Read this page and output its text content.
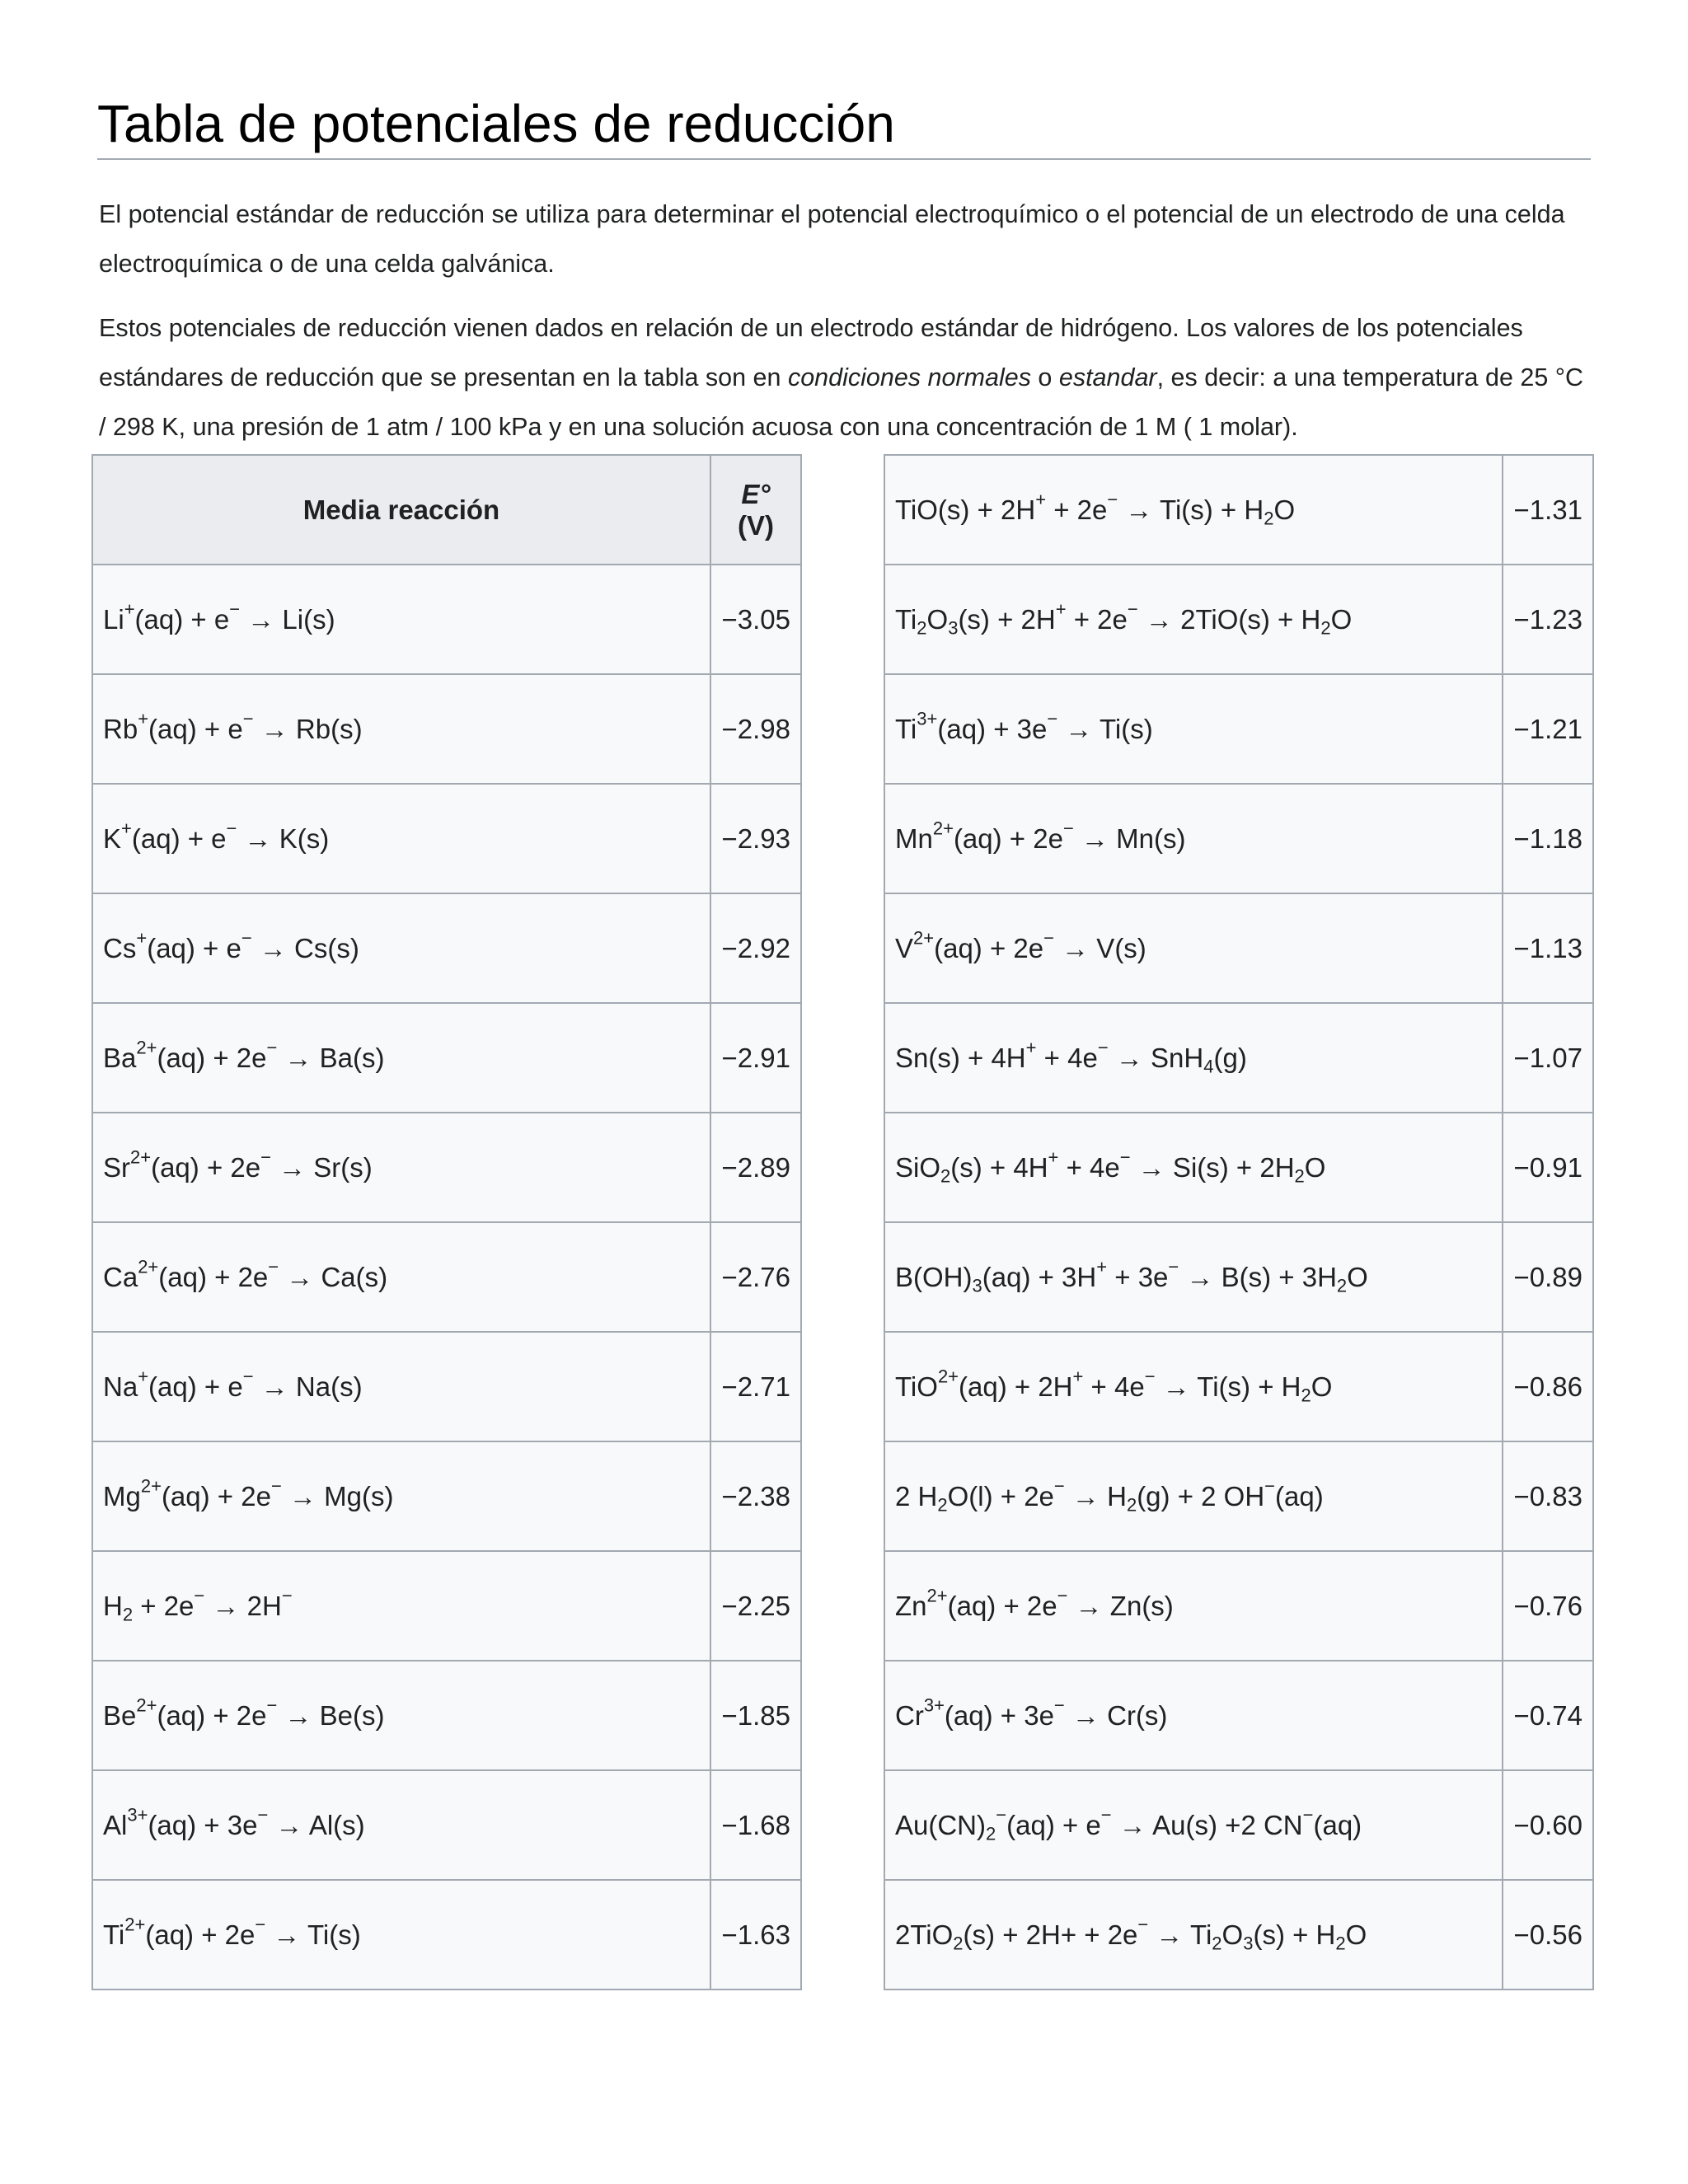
Tabla de potenciales de reducción

El potencial estándar de reducción se utiliza para determinar el potencial electroquímico o el potencial de un electrodo de una celda electroquímica o de una celda galvánica.

Estos potenciales de reducción vienen dados en relación de un electrodo estándar de hidrógeno. Los valores de los potenciales estándares de reducción que se presentan en la tabla son en condiciones normales o estandar, es decir: a una temperatura de 25 °C / 298 K, una presión de 1 atm / 100 kPa y en una solución acuosa con una concentración de 1 M ( 1 molar).

Media reacción	E° (V)
Li+(aq) + e− → Li(s)	−3.05
Rb+(aq) + e− → Rb(s)	−2.98
K+(aq) + e− → K(s)	−2.93
Cs+(aq) + e− → Cs(s)	−2.92
$Ba^{2+}(aq) + 2e^- \to Ba(s)$	−2.91
$Sr^{2+}(aq) + 2e^- \to Sr(s)$	−2.89
$Ca^{2+}(aq) + 2e^- \to Ca(s)$	−2.76
Na+(aq) + e− → Na(s)	−2.71
$Mg^{2+}(aq) + 2e^- \to Mg(s)$	−2.38
$H_2 + 2e^- \to 2H^-$	−2.25
$Be^{2+}(aq) + 2e^- \to Be(s)$	−1.85
$Al^{3+}(aq) + 3e^- \to Al(s)$	−1.68
$Ti^{2+}(aq) + 2e^- \to Ti(s)$	−1.63
$TiO(s) + 2H^+ + 2e^- \to Ti(s) + H_2O$	−1.31
$Ti_2O_3(s) + 2H^+ + 2e^- \to 2TiO(s) + H_2O$	−1.23
$Ti^{3+}(aq) + 3e^- \to Ti(s)$	−1.21
$Mn^{2+}(aq) + 2e^- \to Mn(s)$	−1.18
$V^{2+}(aq) + 2e^- \to V(s)$	−1.13
Sn(s) + 4H+ + 4e− → SnH$_4$(g)	−1.07
$SiO_2(s) + 4H^+ + 4e^- \to Si(s) + 2H_2O$	−0.91
$B(OH)_3(aq) + 3H^+ + 3e^- \to B(s) + 3H_2O$	−0.89
$TiO^{2+}(aq) + 2H^+ + 4e^- \to Ti(s) + H_2O$	−0.86
2 $H_2O(l) + 2e^- \to H_2(g) + 2$ OH−(aq)	−0.83
$Zn^{2+}(aq) + 2e^- \to Zn(s)$	−0.76
$Cr^{3+}(aq) + 3e^- \to Cr(s)$	−0.74
$Au(CN)_2^-(aq) + e^- \to Au(s) +2$ CN−(aq)	−0.60
$2TiO_2(s) + 2H+ + 2e^- \to Ti_2O_3(s) + H_2O$	−0.56
